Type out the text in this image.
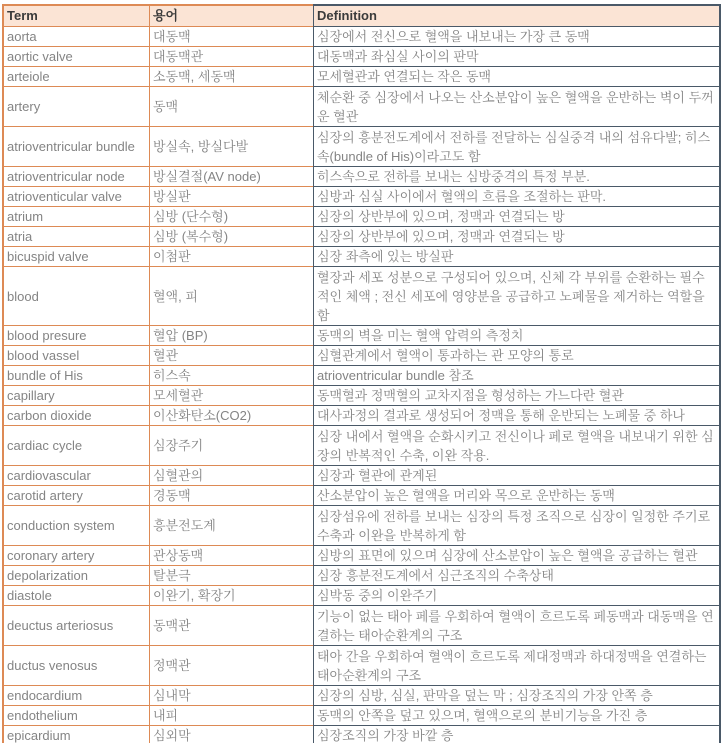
Term	용어	Definition
aorta	대동맥	심장에서 전신으로 혈액을 내보내는 가장 큰 동맥
aortic valve	대동맥관	대동맥과 좌심실 사이의 판막
arteiole	소동맥, 세동맥	모세혈관과 연결되는 작은 동맥
artery	동맥	체순환 중 심장에서 나오는 산소분압이 높은 혈액을 운반하는 벽이 두꺼운 혈관
atrioventricular bundle	방실속, 방실다발	심장의 흥분전도계에서 전하를 전달하는 심실중격 내의 섬유다발; 히스속(bundle of His)이라고도 함
atrioventricular node	방실결절(AV node)	히스속으로 전하를 보내는 심방중격의 특정 부분.
atrioventicular valve	방실판	심방과 심실 사이에서 혈액의 흐름을 조절하는 판막.
atrium	심방 (단수형)	심장의 상반부에 있으며, 정맥과 연결되는 방
atria	심방 (복수형)	심장의 상반부에 있으며, 정맥과 연결되는 방
bicuspid valve	이첨판	심장 좌측에 있는 방실판
blood	혈액, 피	혈장과 세포 성분으로 구성되어 있으며, 신체 각 부위를 순환하는 필수적인 체액 ; 전신 세포에 영양분을 공급하고 노폐물을 제거하는 역할을 함
blood presure	혈압 (BP)	동맥의 벽을 미는 혈액 압력의 측정치
blood vassel	혈관	심혈관계에서 혈액이 통과하는 관 모양의 통로
bundle of His	히스속	atrioventricular bundle 참조
capillary	모세혈관	동맥혈과 정맥혈의 교차지점을 형성하는 가느다란 혈관
carbon dioxide	이산화탄소(CO2)	대사과정의 결과로 생성되어 정맥을 통해 운반되는 노폐물 중 하나
cardiac cycle	심장주기	심장 내에서 혈액을 순화시키고 전신이나 페로 혈액을 내보내기 위한 심장의 반복적인 수축, 이완 작용.
cardiovascular	심혈관의	심장과 혈관에 관계된
carotid artery	경동맥	산소분압이 높은 혈액을 머리와 목으로 운반하는 동맥
conduction system	흥분전도계	심장섬유에 전하를 보내는 심장의 특정 조직으로 심장이 일정한 주기로 수축과 이완을 반복하게 함
coronary artery	관상동맥	심방의 표면에 있으며 심장에 산소분압이 높은 혈액을 공급하는 혈관
depolarization	탈분극	심장 흥분전도계에서 심근조직의 수축상태
diastole	이완기, 확장기	심박동 중의 이완주기
deuctus arteriosus	동맥관	기능이 없는 태아 페를 우회하여 혈액이 흐르도록 페동맥과 대동맥을 연결하는 태아순환계의 구조
ductus venosus	정맥관	태아 간을 우회하여 혈액이 흐르도록 제대정맥과 하대정맥을 연결하는 태아순환계의 구조
endocardium	심내막	심장의 심방, 심실, 판막을 덮는 막 ; 심장조직의 가장 안쪽 층
endothelium	내피	동맥의 안쪽을 덮고 있으며, 혈액으로의 분비기능을 가진 층
epicardium	심외막	심장조직의 가장 바깥 층
